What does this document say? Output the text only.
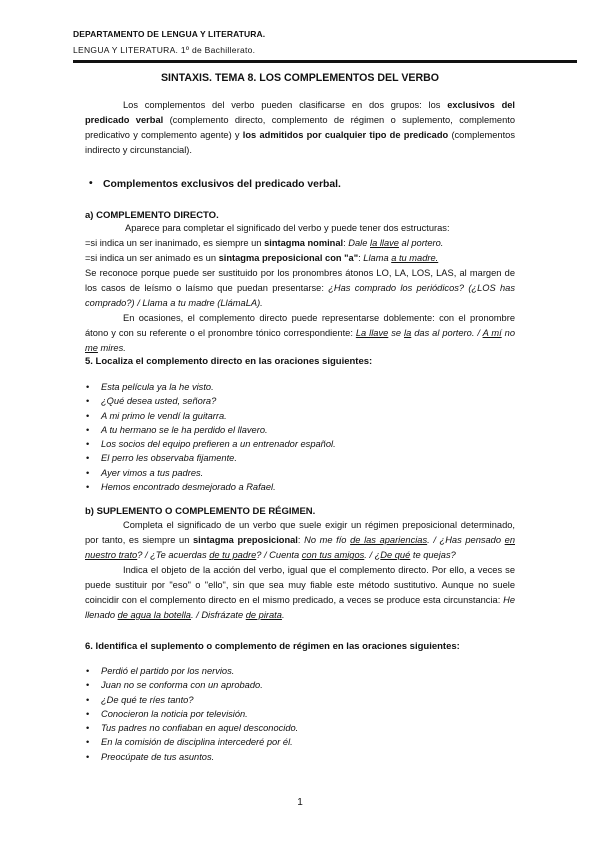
DEPARTAMENTO DE LENGUA Y LITERATURA.
LENGUA Y LITERATURA. 1º de Bachillerato.
SINTAXIS. TEMA 8. LOS COMPLEMENTOS DEL VERBO
Los complementos del verbo pueden clasificarse en dos grupos: los exclusivos del predicado verbal (complemento directo, complemento de régimen o suplemento, complemento predicativo y complemento agente) y los admitidos por cualquier tipo de predicado (complementos indirecto y circunstancial).
• Complementos exclusivos del predicado verbal.
a) COMPLEMENTO DIRECTO.
Aparece para completar el significado del verbo y puede tener dos estructuras:
=si indica un ser inanimado, es siempre un sintagma nominal: Dale la llave al portero.
=si indica un ser animado es un sintagma preposicional con "a": Llama a tu madre.
Se reconoce porque puede ser sustituido por los pronombres átonos LO, LA, LOS, LAS, al margen de los casos de leísmo o laísmo que puedan presentarse: ¿Has comprado los periódicos? (¿LOS has comprado?) / Llama a tu madre (LlámaLA).
En ocasiones, el complemento directo puede representarse doblemente: con el pronombre átono y con su referente o el pronombre tónico correspondiente: La llave se la das al portero. / A mí no me mires.
5. Localiza el complemento directo en las oraciones siguientes:
• Esta película ya la he visto.
• ¿Qué desea usted, señora?
• A mi primo le vendí la guitarra.
• A tu hermano se le ha perdido el llavero.
• Los socios del equipo prefieren a un entrenador español.
• El perro les observaba fijamente.
• Ayer vimos a tus padres.
• Hemos encontrado desmejorado a Rafael.
b) SUPLEMENTO O COMPLEMENTO DE RÉGIMEN.
Completa el significado de un verbo que suele exigir un régimen preposicional determinado, por tanto, es siempre un sintagma preposicional: No me fío de las apariencias. / ¿Has pensado en nuestro trato? / ¿Te acuerdas de tu padre? / Cuenta con tus amigos. / ¿De qué te quejas?
Indica el objeto de la acción del verbo, igual que el complemento directo. Por ello, a veces se puede sustituir por "eso" o "ello", sin que sea muy fiable este método sustitutivo. Aunque no suele coincidir con el complemento directo en el mismo predicado, a veces se produce esta circunstancia: He llenado de agua la botella. / Disfrázate de pirata.
6. Identifica el suplemento o complemento de régimen en las oraciones siguientes:
• Perdió el partido por los nervios.
• Juan no se conforma con un aprobado.
• ¿De qué te ríes tanto?
• Conocieron la noticia por televisión.
• Tus padres no confiaban en aquel desconocido.
• En la comisión de disciplina intercederé por él.
• Preocúpate de tus asuntos.
1
